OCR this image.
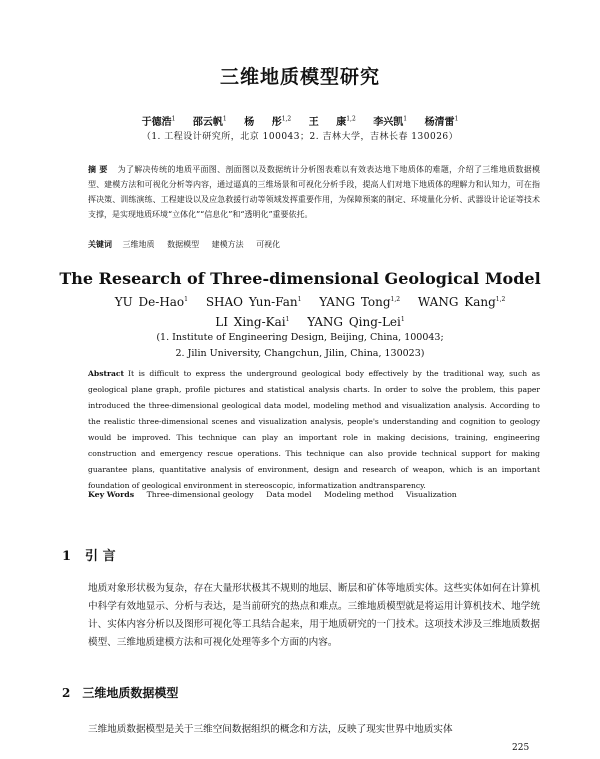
三维地质模型研究
于德浩$^1$ 邵云帆$^1$ 杨 彤$^{1,2}$ 王 康$^{1,2}$ 李兴凯$^1$ 杨清雷$^1$
（1. 工程设计研究所，北京 100043；2. 吉林大学，吉林长春 130026）
摘 要 为了解决传统的地质平面图、剖面图以及数据统计分析图表难以有效表达地下地质体的难题，介绍了三维地质数据模型、建模方法和可视化分析等内容，通过逼真的三维场景和可视化分析手段，提高人们对地下地质体的理解力和认知力，可在指挥决策、训练演练、工程建设以及应急救援行动等领域发挥重要作用，为保障预案的制定、环境量化分析、武器设计论证等技术支撑，是实现地质环境“立体化”“信息化”和“透明化”重要依托。
关键词 三维地质 数据模型 建模方法 可视化
The Research of Three-dimensional Geological Model
YU De-Hao$^1$ SHAO Yun-Fan$^1$ YANG Tong$^{1,2}$ WANG Kang$^{1,2}$
LI Xing-Kai$^1$ YANG Qing-Lei$^1$
(1. Institute of Engineering Design, Beijing, China, 100043;
2. Jilin University, Changchun, Jilin, China, 130023)
Abstract It is difficult to express the underground geological body effectively by the traditional way, such as geological plane graph, profile pictures and statistical analysis charts. In order to solve the problem, this paper introduced the three-dimensional geological data model, modeling method and visualization analysis. According to the realistic three-dimensional scenes and visualization analysis, people's understanding and cognition to geology would be improved. This technique can play an important role in making decisions, training, engineering construction and emergency rescue operations. This technique can also provide technical support for making guarantee plans, quantitative analysis of environment, design and research of weapon, which is an important foundation of geological environment in stereoscopic, informatization andtransparency.
Key Words Three-dimensional geology Data model Modeling method Visualization
1 引 言
地质对象形状极为复杂，存在大量形状极其不规则的地层、断层和矿体等地质实体。这些实体如何在计算机中科学有效地显示、分析与表达，是当前研究的热点和难点。三维地质模型就是将运用计算机技术、地学统计、实体内容分析以及图形可视化等工具结合起来，用于地质研究的一门技术。这项技术涉及三维地质数据模型、三维地质建模方法和可视化处理等多个方面的内容。
2 三维地质数据模型
三维地质数据模型是关于三维空间数据组织的概念和方法，反映了现实世界中地质实体
225
